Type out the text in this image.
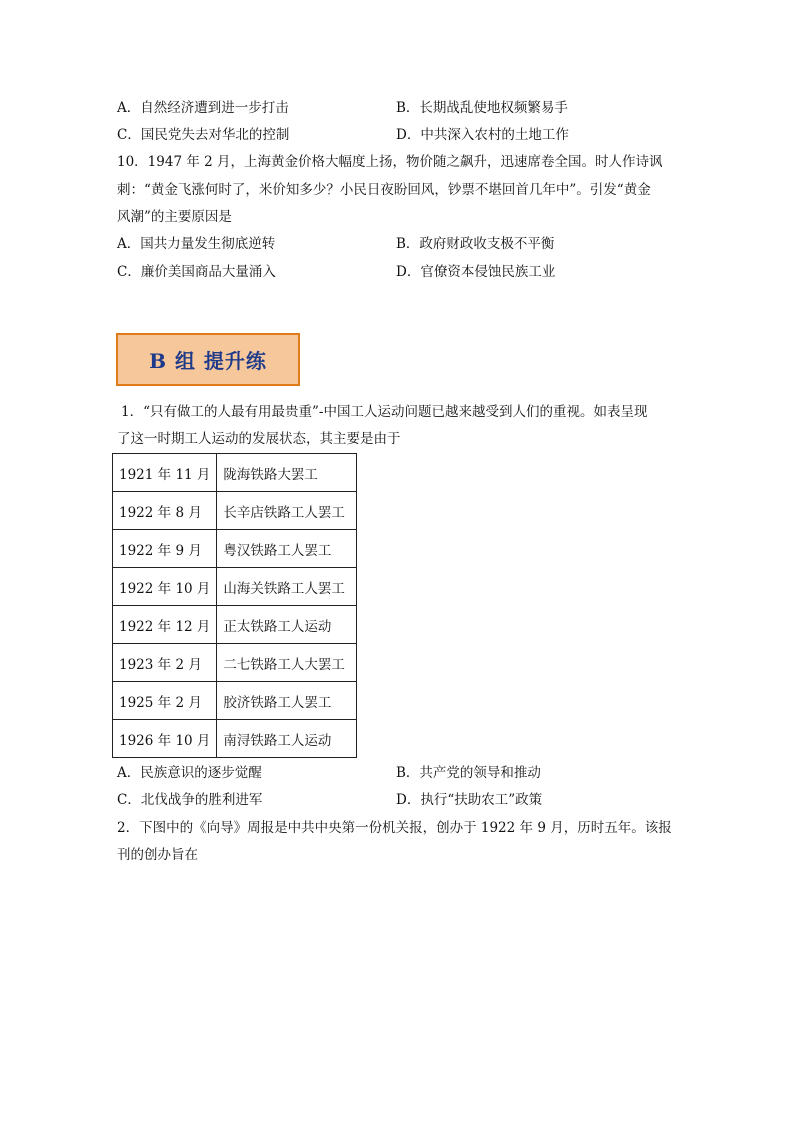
A．自然经济遭到进一步打击	B．长期战乱使地权频繁易手
C．国民党失去对华北的控制	D．中共深入农村的土地工作
10．1947 年 2 月，上海黄金价格大幅度上扬，物价随之飙升，迅速席卷全国。时人作诗讽
刺：“黄金飞涨何时了，米价知多少？小民日夜盼回风，钞票不堪回首几年中”。引发“黄金
风潮”的主要原因是
A．国共力量发生彻底逆转	B．政府财政收支极不平衡
C．廉价美国商品大量涌入	D．官僚资本侵蚀民族工业
B 组 提升练
1．“只有做工的人最有用最贵重”-中国工人运动问题已越来越受到人们的重视。如表呈现
了这一时期工人运动的发展状态，其主要是由于
1921 年 11 月	陇海铁路大罢工
1922 年 8 月	长辛店铁路工人罢工
1922 年 9 月	粤汉铁路工人罢工
1922 年 10 月	山海关铁路工人罢工
1922 年 12 月	正太铁路工人运动
1923 年 2 月	二七铁路工人大罢工
1925 年 2 月	胶济铁路工人罢工
1926 年 10 月	南浔铁路工人运动
A．民族意识的逐步觉醒	B．共产党的领导和推动
C．北伐战争的胜利进军	D．执行“扶助农工”政策
2．下图中的《向导》周报是中共中央第一份机关报，创办于 1922 年 9 月，历时五年。该报
刊的创办旨在
